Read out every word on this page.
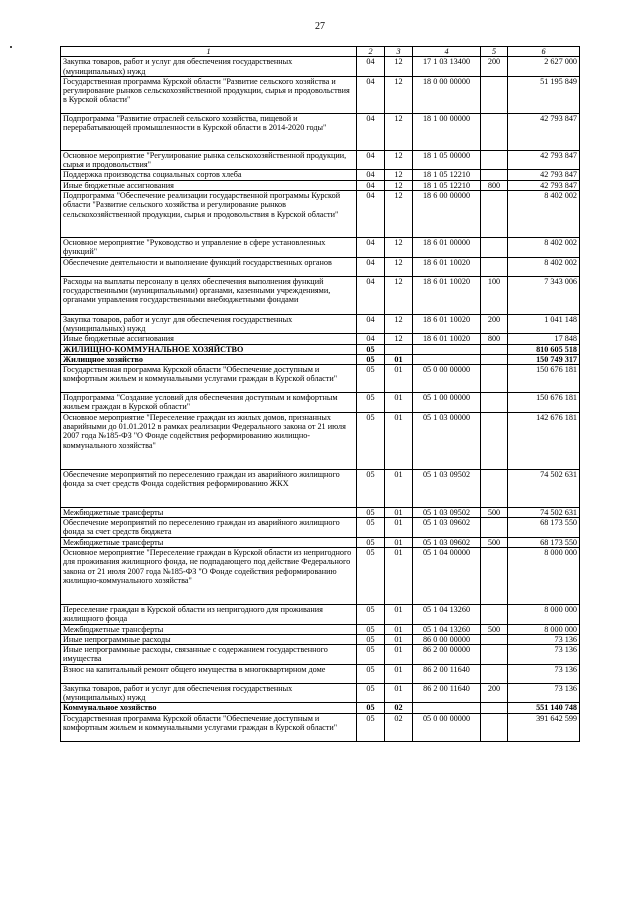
27
1	2	3	4	5	6
Закупка товаров, работ и услуг для обеспечения государственных (муниципальных) нужд	04	12	17 1 03 13400	200	2 627 000
Государственная программа Курской области "Развитие сельского хозяйства и регулирование рынков сельскохозяйственной продукции, сырья и продовольствия в Курской области"	04	12	18 0 00 00000		51 195 849
Подпрограмма "Развитие отраслей сельского хозяйства, пищевой и перерабатывающей промышленности в Курской области в 2014-2020 годы"	04	12	18 1 00 00000		42 793 847
Основное мероприятие "Регулирование рынка сельскохозяйственной продукции, сырья и продовольствия"	04	12	18 1 05 00000		42 793 847
Поддержка производства социальных сортов хлеба	04	12	18 1 05 12210		42 793 847
Иные бюджетные ассигнования	04	12	18 1 05 12210	800	42 793 847
Подпрограмма "Обеспечение реализации государственной программы Курской области "Развитие сельского хозяйства и регулирование рынков сельскохозяйственной продукции, сырья и продовольствия в Курской области"	04	12	18 6 00 00000		8 402 002
Основное мероприятие "Руководство и управление в сфере установленных функций"	04	12	18 6 01 00000		8 402 002
Обеспечение деятельности и выполнение функций государственных органов	04	12	18 6 01 10020		8 402 002
Расходы на выплаты персоналу в целях обеспечения выполнения функций государственными (муниципальными) органами, казенными учреждениями, органами управления государственными внебюджетными фондами	04	12	18 6 01 10020	100	7 343 006
Закупка товаров, работ и услуг для обеспечения государственных (муниципальных) нужд	04	12	18 6 01 10020	200	1 041 148
Иные бюджетные ассигнования	04	12	18 6 01 10020	800	17 848
ЖИЛИЩНО-КОММУНАЛЬНОЕ ХОЗЯЙСТВО	05				810 605 518
Жилищное хозяйство	05	01			150 749 317
Государственная программа Курской области "Обеспечение доступным и комфортным жильем и коммунальными услугами граждан в Курской области"	05	01	05 0 00 00000		150 676 181
Подпрограмма "Создание условий для обеспечения доступным и комфортным жильем граждан в Курской области"	05	01	05 1 00 00000		150 676 181
Основное мероприятие "Переселение граждан из жилых домов, признанных аварийными до 01.01.2012 в рамках реализации Федерального закона от 21 июля 2007 года №185-ФЗ "О Фонде содействия реформированию жилищно-коммунального хозяйства"	05	01	05 1 03 00000		142 676 181
Обеспечение мероприятий по переселению граждан из аварийного жилищного фонда за счет средств Фонда содействия реформированию ЖКХ	05	01	05 1 03 09502		74 502 631
Межбюджетные трансферты	05	01	05 1 03 09502	500	74 502 631
Обеспечение мероприятий по переселению граждан из аварийного жилищного фонда за счет средств бюджета	05	01	05 1 03 09602		68 173 550
Межбюджетные трансферты	05	01	05 1 03 09602	500	68 173 550
Основное мероприятие "Переселение граждан в Курской области из непригодного для проживания жилищного фонда, не подпадающего под действие Федерального закона от 21 июля 2007 года №185-ФЗ "О Фонде содействия реформированию жилищно-коммунального хозяйства"	05	01	05 1 04 00000		8 000 000
Переселение граждан в Курской области из непригодного для проживания жилищного фонда	05	01	05 1 04 13260		8 000 000
Межбюджетные трансферты	05	01	05 1 04 13260	500	8 000 000
Иные непрограммные расходы	05	01	86 0 00 00000		73 136
Иные непрограммные расходы, связанные с содержанием государственного имущества	05	01	86 2 00 00000		73 136
Взнос на капитальный ремонт общего имущества в многоквартирном доме	05	01	86 2 00 11640		73 136
Закупка товаров, работ и услуг для обеспечения государственных (муниципальных) нужд	05	01	86 2 00 11640	200	73 136
Коммунальное хозяйство	05	02			551 140 748
Государственная программа Курской области "Обеспечение доступным и комфортным жильем и коммунальными услугами граждан в Курской области"	05	02	05 0 00 00000		391 642 599
